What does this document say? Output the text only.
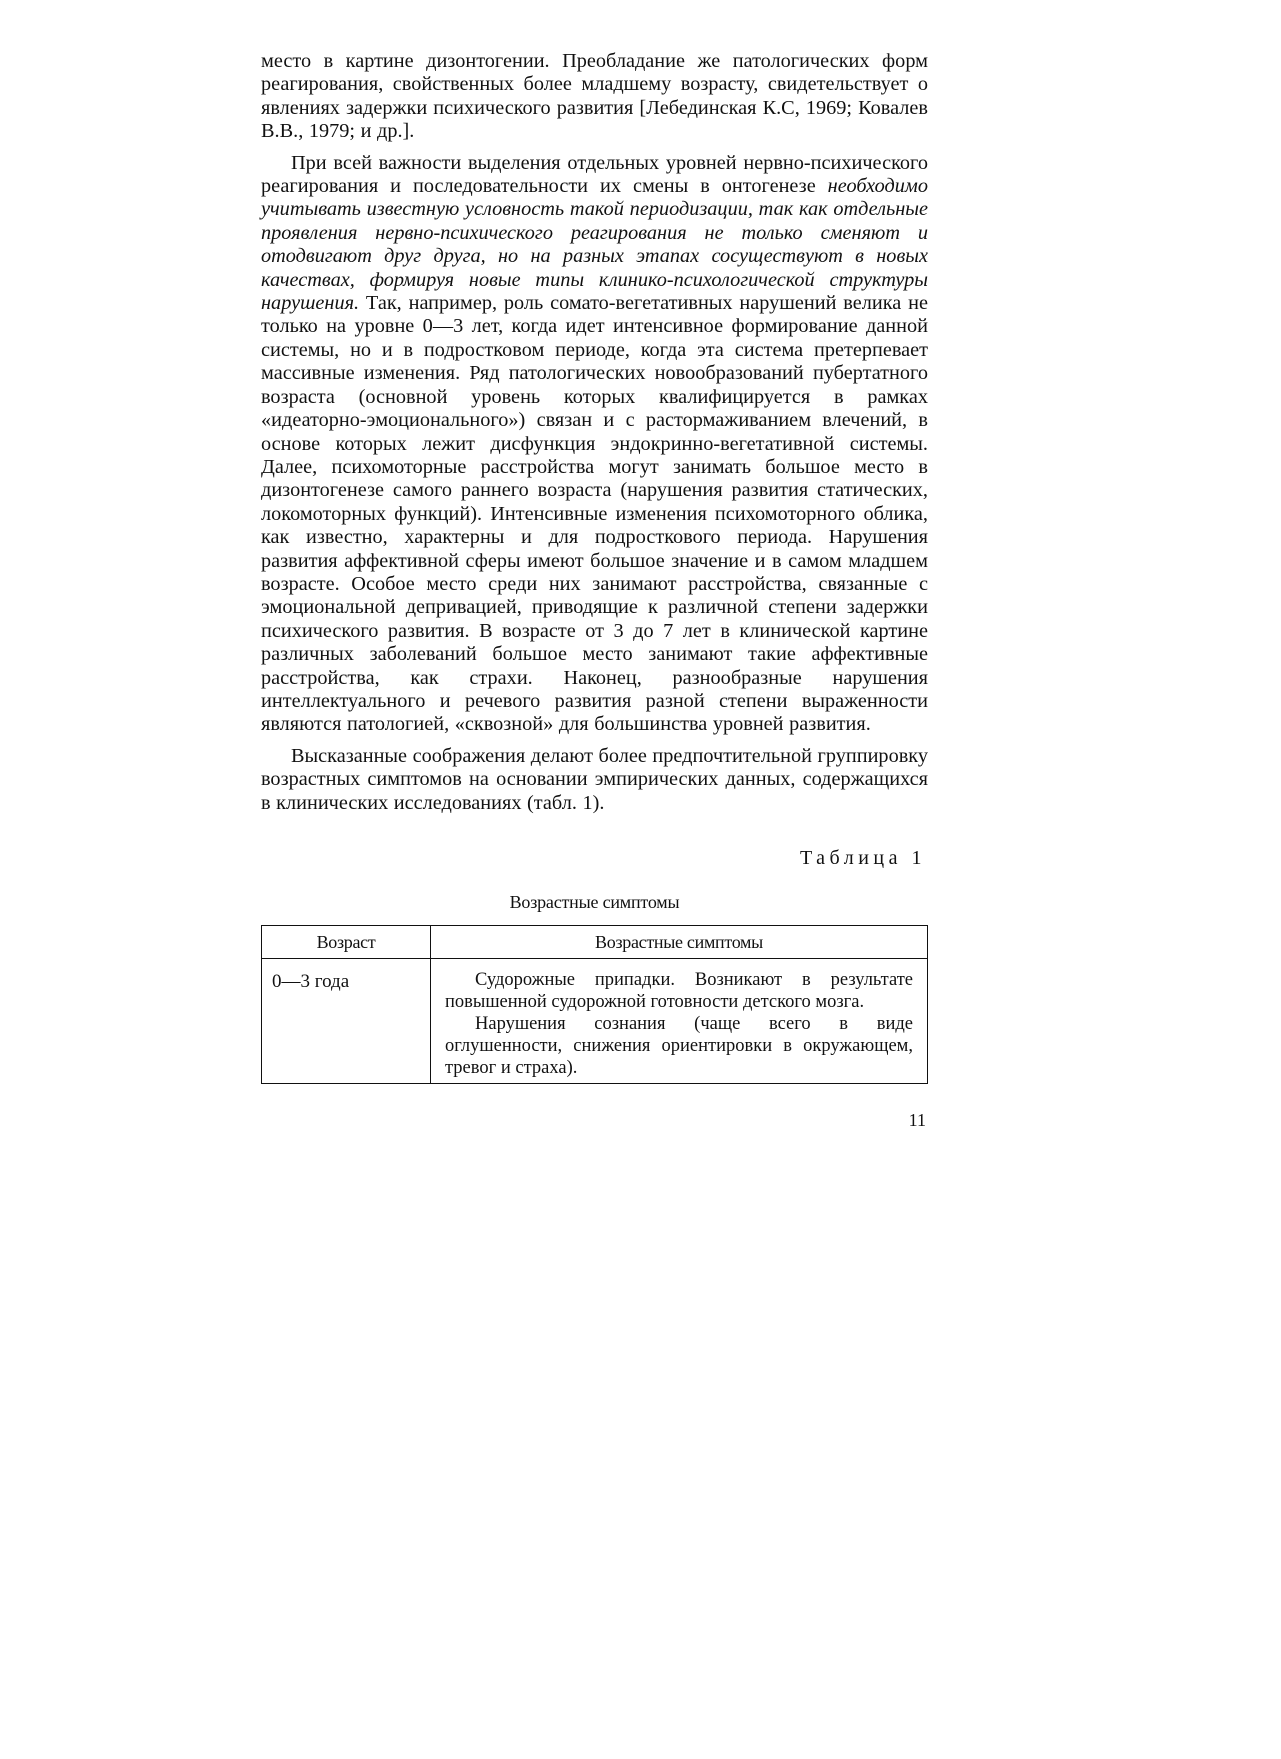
место в картине дизонтогении. Преобладание же патологических форм реагирования, свойственных более младшему возрасту, свидетельствует о явлениях задержки психического развития [Лебединская К.С, 1969; Ковалев В.В., 1979; и др.].

При всей важности выделения отдельных уровней нервно-психического реагирования и последовательности их смены в онтогенезе необходимо учитывать известную условность такой периодизации, так как отдельные проявления нервно-психического реагирования не только сменяют и отодвигают друг друга, но на разных этапах сосуществуют в новых качествах, формируя новые типы клинико-психологической структуры нарушения. Так, например, роль сомато-вегетативных нарушений велика не только на уровне 0—3 лет, когда идет интенсивное формирование данной системы, но и в подростковом периоде, когда эта система претерпевает массивные изменения. Ряд патологических новообразований пубертатного возраста (основной уровень которых квалифицируется в рамках «идеаторно-эмоционального») связан и с растормаживанием влечений, в основе которых лежит дисфункция эндокринно-вегетативной системы. Далее, психомоторные расстройства могут занимать большое место в дизонтогенезе самого раннего возраста (нарушения развития статических, локомоторных функций). Интенсивные изменения психомоторного облика, как известно, характерны и для подросткового периода. Нарушения развития аффективной сферы имеют большое значение и в самом младшем возрасте. Особое место среди них занимают расстройства, связанные с эмоциональной депривацией, приводящие к различной степени задержки психического развития. В возрасте от 3 до 7 лет в клинической картине различных заболеваний большое место занимают такие аффективные расстройства, как страхи. Наконец, разнообразные нарушения интеллектуального и речевого развития разной степени выраженности являются патологией, «сквозной» для большинства уровней развития.

Высказанные соображения делают более предпочтительной группировку возрастных симптомов на основании эмпирических данных, содержащихся в клинических исследованиях (табл. 1).

Таблица 1
Возрастные симптомы
Возраст	Возрастные симптомы
0—3 года	Судорожные припадки. Возникают в результате повышенной судорожной готовности детского мозга.

Нарушения сознания (чаще всего в виде оглушенности, снижения ориентировки в окружающем, тревог и страха).

11
